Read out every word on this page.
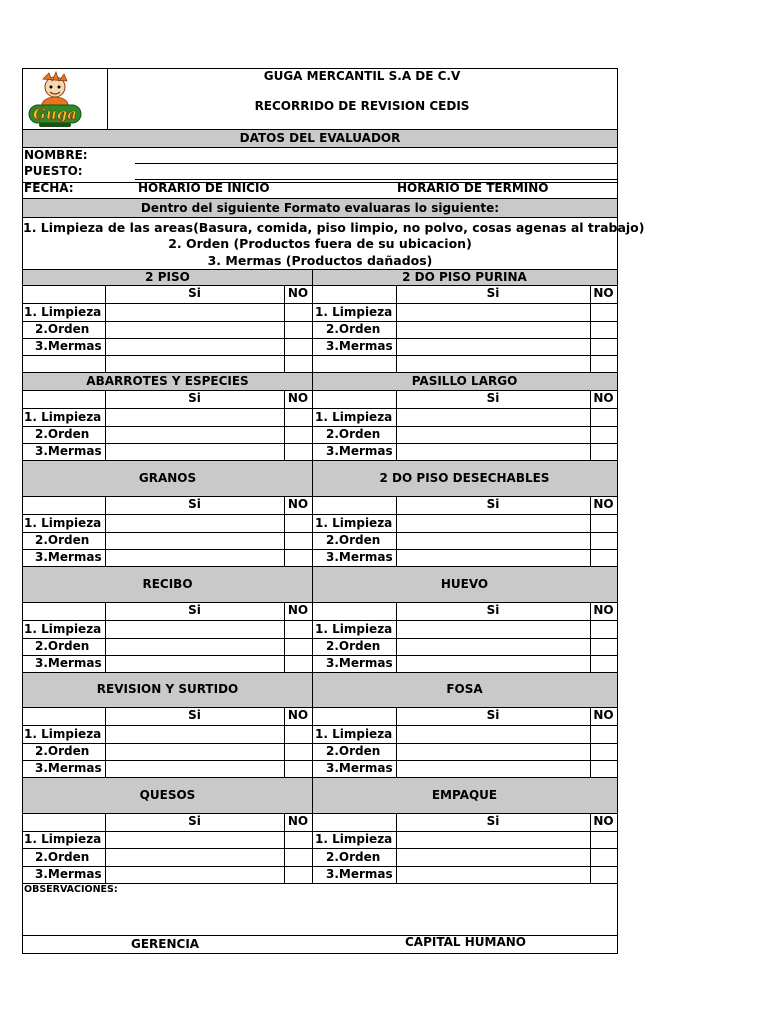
Guga
GUGA MERCANTIL S.A DE C.V
RECORRIDO DE REVISION CEDIS
DATOS DEL EVALUADOR
NOMBRE:
PUESTO:
FECHA:	HORARIO DE INICIO	HORARIO DE TERMINO
Dentro del siguiente Formato evaluaras lo siguiente:
1. Limpieza de las areas(Basura, comida, piso limpio, no polvo, cosas agenas al trabajo)
2. Orden (Productos fuera de su ubicacion)
3. Mermas (Productos dañados)
2 PISO	2 DO PISO PURINA
Si	NO	Si	NO
1. Limpieza	1. Limpieza
2.Orden	2.Orden
3.Mermas	3.Mermas
ABARROTES Y ESPECIES	PASILLO LARGO
Si	NO	Si	NO
1. Limpieza	1. Limpieza
2.Orden	2.Orden
3.Mermas	3.Mermas
GRANOS	2 DO PISO DESECHABLES
Si	NO	Si	NO
1. Limpieza	1. Limpieza
2.Orden	2.Orden
3.Mermas	3.Mermas
RECIBO	HUEVO
Si	NO	Si	NO
1. Limpieza	1. Limpieza
2.Orden	2.Orden
3.Mermas	3.Mermas
REVISION Y SURTIDO	FOSA
Si	NO	Si	NO
1. Limpieza	1. Limpieza
2.Orden	2.Orden
3.Mermas	3.Mermas
QUESOS	EMPAQUE
Si	NO	Si	NO
1. Limpieza	1. Limpieza
2.Orden	2.Orden
3.Mermas	3.Mermas
OBSERVACIONES:
GERENCIA	CAPITAL HUMANO
